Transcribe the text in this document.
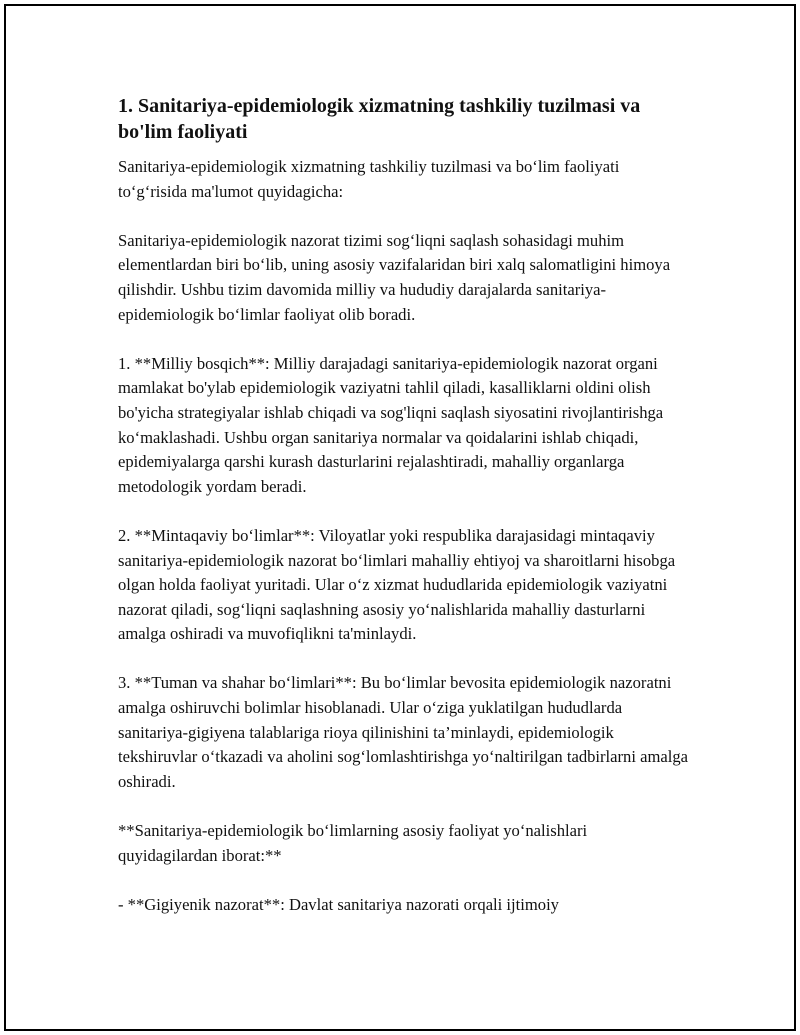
1. Sanitariya-epidemiologik xizmatning tashkiliy tuzilmasi va bo'lim faoliyati

Sanitariya-epidemiologik xizmatning tashkiliy tuzilmasi va bo‘lim faoliyati to‘g‘risida ma'lumot quyidagicha:

Sanitariya-epidemiologik nazorat tizimi sog‘liqni saqlash sohasidagi muhim elementlardan biri bo‘lib, uning asosiy vazifalaridan biri xalq salomatligini himoya qilishdir. Ushbu tizim davomida milliy va hududiy darajalarda sanitariya-epidemiologik bo‘limlar faoliyat olib boradi.

1. **Milliy bosqich**: Milliy darajadagi sanitariya-epidemiologik nazorat organi mamlakat bo'ylab epidemiologik vaziyatni tahlil qiladi, kasalliklarni oldini olish bo'yicha strategiyalar ishlab chiqadi va sog'liqni saqlash siyosatini rivojlantirishga ko‘maklashadi. Ushbu organ sanitariya normalar va qoidalarini ishlab chiqadi, epidemiyalarga qarshi kurash dasturlarini rejalashtiradi, mahalliy organlarga metodologik yordam beradi.

2. **Mintaqaviy bo‘limlar**: Viloyatlar yoki respublika darajasidagi mintaqaviy sanitariya-epidemiologik nazorat bo‘limlari mahalliy ehtiyoj va sharoitlarni hisobga olgan holda faoliyat yuritadi. Ular o‘z xizmat hududlarida epidemiologik vaziyatni nazorat qiladi, sog‘liqni saqlashning asosiy yo‘nalishlarida mahalliy dasturlarni amalga oshiradi va muvofiqlikni ta'minlaydi.

3. **Tuman va shahar bo‘limlari**: Bu bo‘limlar bevosita epidemiologik nazoratni amalga oshiruvchi bolimlar hisoblanadi. Ular o‘ziga yuklatilgan hududlarda sanitariya-gigiyena talablariga rioya qilinishini ta’minlaydi, epidemiologik tekshiruvlar o‘tkazadi va aholini sog‘lomlashtirishga yo‘naltirilgan tadbirlarni amalga oshiradi.

**Sanitariya-epidemiologik bo‘limlarning asosiy faoliyat yo‘nalishlari quyidagilardan iborat:**

- **Gigiyenik nazorat**: Davlat sanitariya nazorati orqali ijtimoiy
